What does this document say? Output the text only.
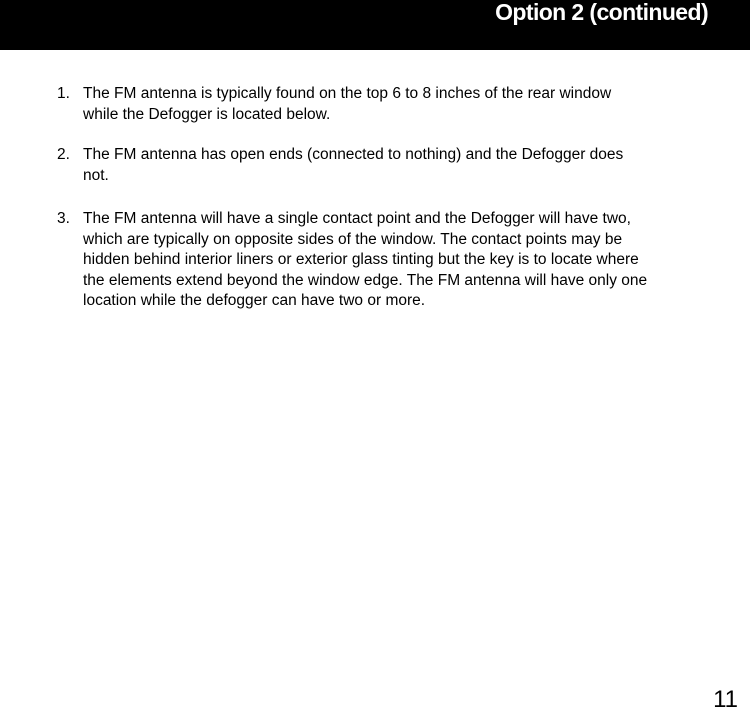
Option 2 (continued)
1. The FM antenna is typically found on the top 6 to 8 inches of the rear window while the Defogger is located below.
2. The FM antenna has open ends (connected to nothing) and the Defogger does not.
3. The FM antenna will have a single contact point and the Defogger will have two, which are typically on opposite sides of the window. The contact points may be hidden behind interior liners or exterior glass tinting but the key is to locate where the elements extend beyond the window edge. The FM antenna will have only one location while the defogger can have two or more.
11
